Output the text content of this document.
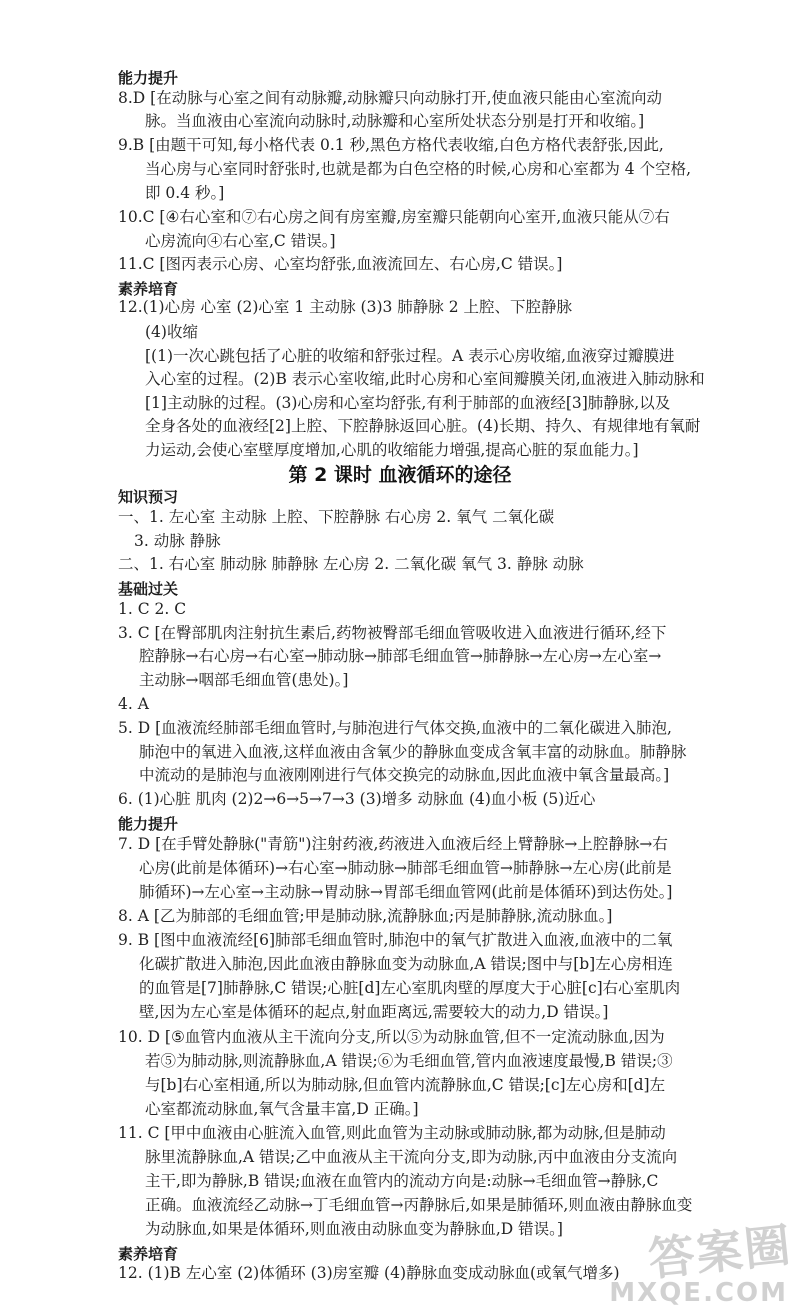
能力提升
8.D [在动脉与心室之间有动脉瓣,动脉瓣只向动脉打开,使血液只能由心室流向动
脉。当血液由心室流向动脉时,动脉瓣和心室所处状态分别是打开和收缩。]
9.B [由题干可知,每小格代表 0.1 秒,黑色方格代表收缩,白色方格代表舒张,因此,
当心房与心室同时舒张时,也就是都为白色空格的时候,心房和心室都为 4 个空格,
即 0.4 秒。]
10.C [④右心室和⑦右心房之间有房室瓣,房室瓣只能朝向心室开,血液只能从⑦右
心房流向④右心室,C 错误。]
11.C [图丙表示心房、心室均舒张,血液流回左、右心房,C 错误。]
素养培育
12.(1)心房 心室 (2)心室 1 主动脉 (3)3 肺静脉 2 上腔、下腔静脉
(4)收缩
[(1)一次心跳包括了心脏的收缩和舒张过程。A 表示心房收缩,血液穿过瓣膜进
入心室的过程。(2)B 表示心室收缩,此时心房和心室间瓣膜关闭,血液进入肺动脉和
[1]主动脉的过程。(3)心房和心室均舒张,有利于肺部的血液经[3]肺静脉,以及
全身各处的血液经[2]上腔、下腔静脉返回心脏。(4)长期、持久、有规律地有氧耐
力运动,会使心室壁厚度增加,心肌的收缩能力增强,提高心脏的泵血能力。]
第 2 课时 血液循环的途径
知识预习
一、1. 左心室 主动脉 上腔、下腔静脉 右心房 2. 氧气 二氧化碳
3. 动脉 静脉
二、1. 右心室 肺动脉 肺静脉 左心房 2. 二氧化碳 氧气 3. 静脉 动脉
基础过关
1. C 2. C
3. C [在臀部肌肉注射抗生素后,药物被臀部毛细血管吸收进入血液进行循环,经下
腔静脉→右心房→右心室→肺动脉→肺部毛细血管→肺静脉→左心房→左心室→
主动脉→咽部毛细血管(患处)。]
4. A
5. D [血液流经肺部毛细血管时,与肺泡进行气体交换,血液中的二氧化碳进入肺泡,
肺泡中的氧进入血液,这样血液由含氧少的静脉血变成含氧丰富的动脉血。肺静脉
中流动的是肺泡与血液刚刚进行气体交换完的动脉血,因此血液中氧含量最高。]
6. (1)心脏 肌肉 (2)2→6→5→7→3 (3)增多 动脉血 (4)血小板 (5)近心
能力提升
7. D [在手臂处静脉("青筋")注射药液,药液进入血液后经上臂静脉→上腔静脉→右
心房(此前是体循环)→右心室→肺动脉→肺部毛细血管→肺静脉→左心房(此前是
肺循环)→左心室→主动脉→胃动脉→胃部毛细血管网(此前是体循环)到达伤处。]
8. A [乙为肺部的毛细血管;甲是肺动脉,流静脉血;丙是肺静脉,流动脉血。]
9. B [图中血液流经[6]肺部毛细血管时,肺泡中的氧气扩散进入血液,血液中的二氧
化碳扩散进入肺泡,因此血液由静脉血变为动脉血,A 错误;图中与[b]左心房相连
的血管是[7]肺静脉,C 错误;心脏[d]左心室肌肉壁的厚度大于心脏[c]右心室肌肉
壁,因为左心室是体循环的起点,射血距离远,需要较大的动力,D 错误。]
10. D [⑤血管内血液从主干流向分支,所以⑤为动脉血管,但不一定流动脉血,因为
若⑤为肺动脉,则流静脉血,A 错误;⑥为毛细血管,管内血液速度最慢,B 错误;③
与[b]右心室相通,所以为肺动脉,但血管内流静脉血,C 错误;[c]左心房和[d]左
心室都流动脉血,氧气含量丰富,D 正确。]
11. C [甲中血液由心脏流入血管,则此血管为主动脉或肺动脉,都为动脉,但是肺动
脉里流静脉血,A 错误;乙中血液从主干流向分支,即为动脉,丙中血液由分支流向
主干,即为静脉,B 错误;血液在血管内的流动方向是:动脉→毛细血管→静脉,C
正确。血液流经乙动脉→丁毛细血管→丙静脉后,如果是肺循环,则血液由静脉血变
为动脉血,如果是体循环,则血液由动脉血变为静脉血,D 错误。]
素养培育
12. (1)B 左心室 (2)体循环 (3)房室瓣 (4)静脉血变成动脉血(或氧气增多) 答案圈
MXQE.COM
